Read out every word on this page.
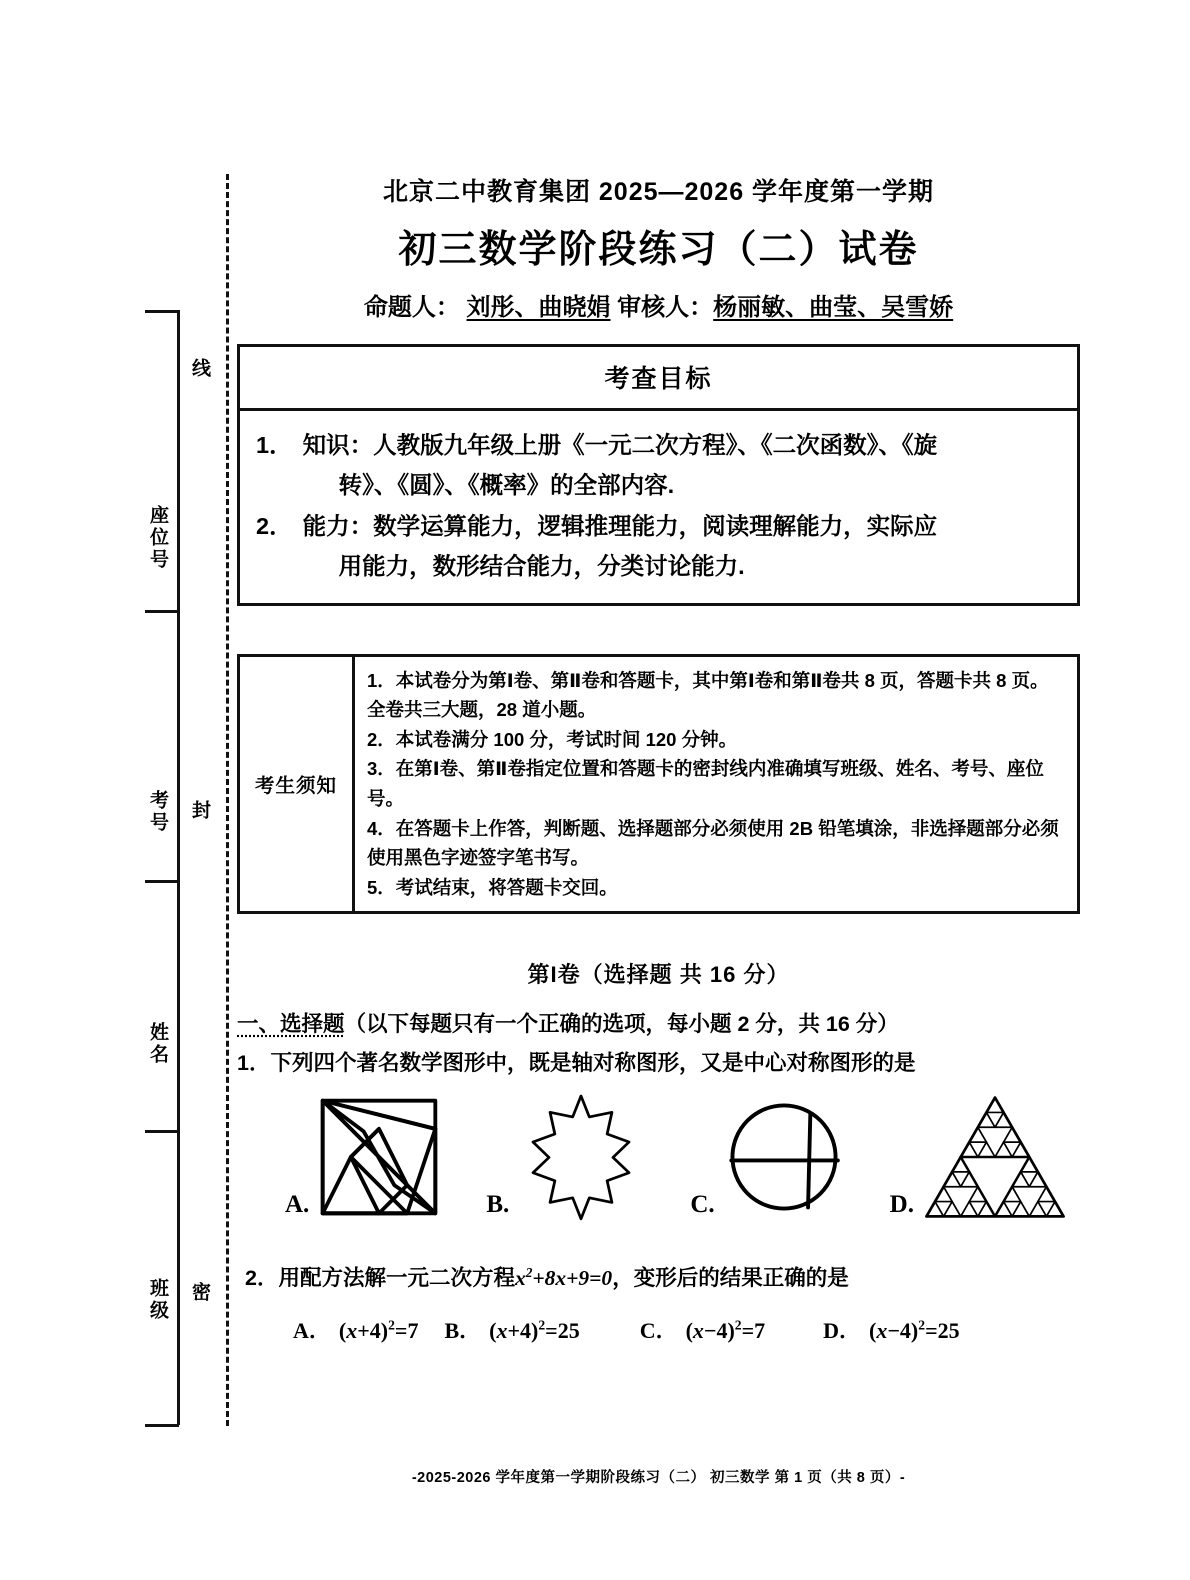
线
封
密
座位号
考号
姓名
班级
北京二中教育集团 2025—2026 学年度第一学期
初三数学阶段练习（二）试卷
命题人： 刘彤、曲晓娟 审核人：杨丽敏、曲莹、吴雪娇
考查目标
1． 知识：人教版九年级上册《一元二次方程》、《二次函数》、《旋
转》、《圆》、《概率》的全部内容.
2． 能力：数学运算能力，逻辑推理能力，阅读理解能力，实际应
用能力，数形结合能力，分类讨论能力.
考生须知

1．本试卷分为第Ⅰ卷、第Ⅱ卷和答题卡，其中第Ⅰ卷和第Ⅱ卷共 8 页，答题卡共 8 页。全卷共三大题，28 道小题。

2．本试卷满分 100 分，考试时间 120 分钟。

3．在第Ⅰ卷、第Ⅱ卷指定位置和答题卡的密封线内准确填写班级、姓名、考号、座位号。

4．在答题卡上作答，判断题、选择题部分必须使用 2B 铅笔填涂，非选择题部分必须使用黑色字迹签字笔书写。

5．考试结束，将答题卡交回。

第I卷（选择题 共 16 分）
一、选择题（以下每题只有一个正确的选项，每小题 2 分，共 16 分）
1．下列四个著名数学图形中，既是轴对称图形，又是中心对称图形的是
A.	B.	C.	D.
2．用配方法解一元二次方程$x^2+8x+9=0$，变形后的结果正确的是
A． $(x+4)^2=7$ B． $(x+4)^2=25$	C． $(x-4)^2=7$	D． $(x-4)^2=25$
-2025-2026 学年度第一学期阶段练习（二） 初三数学 第 1 页（共 8 页）-
